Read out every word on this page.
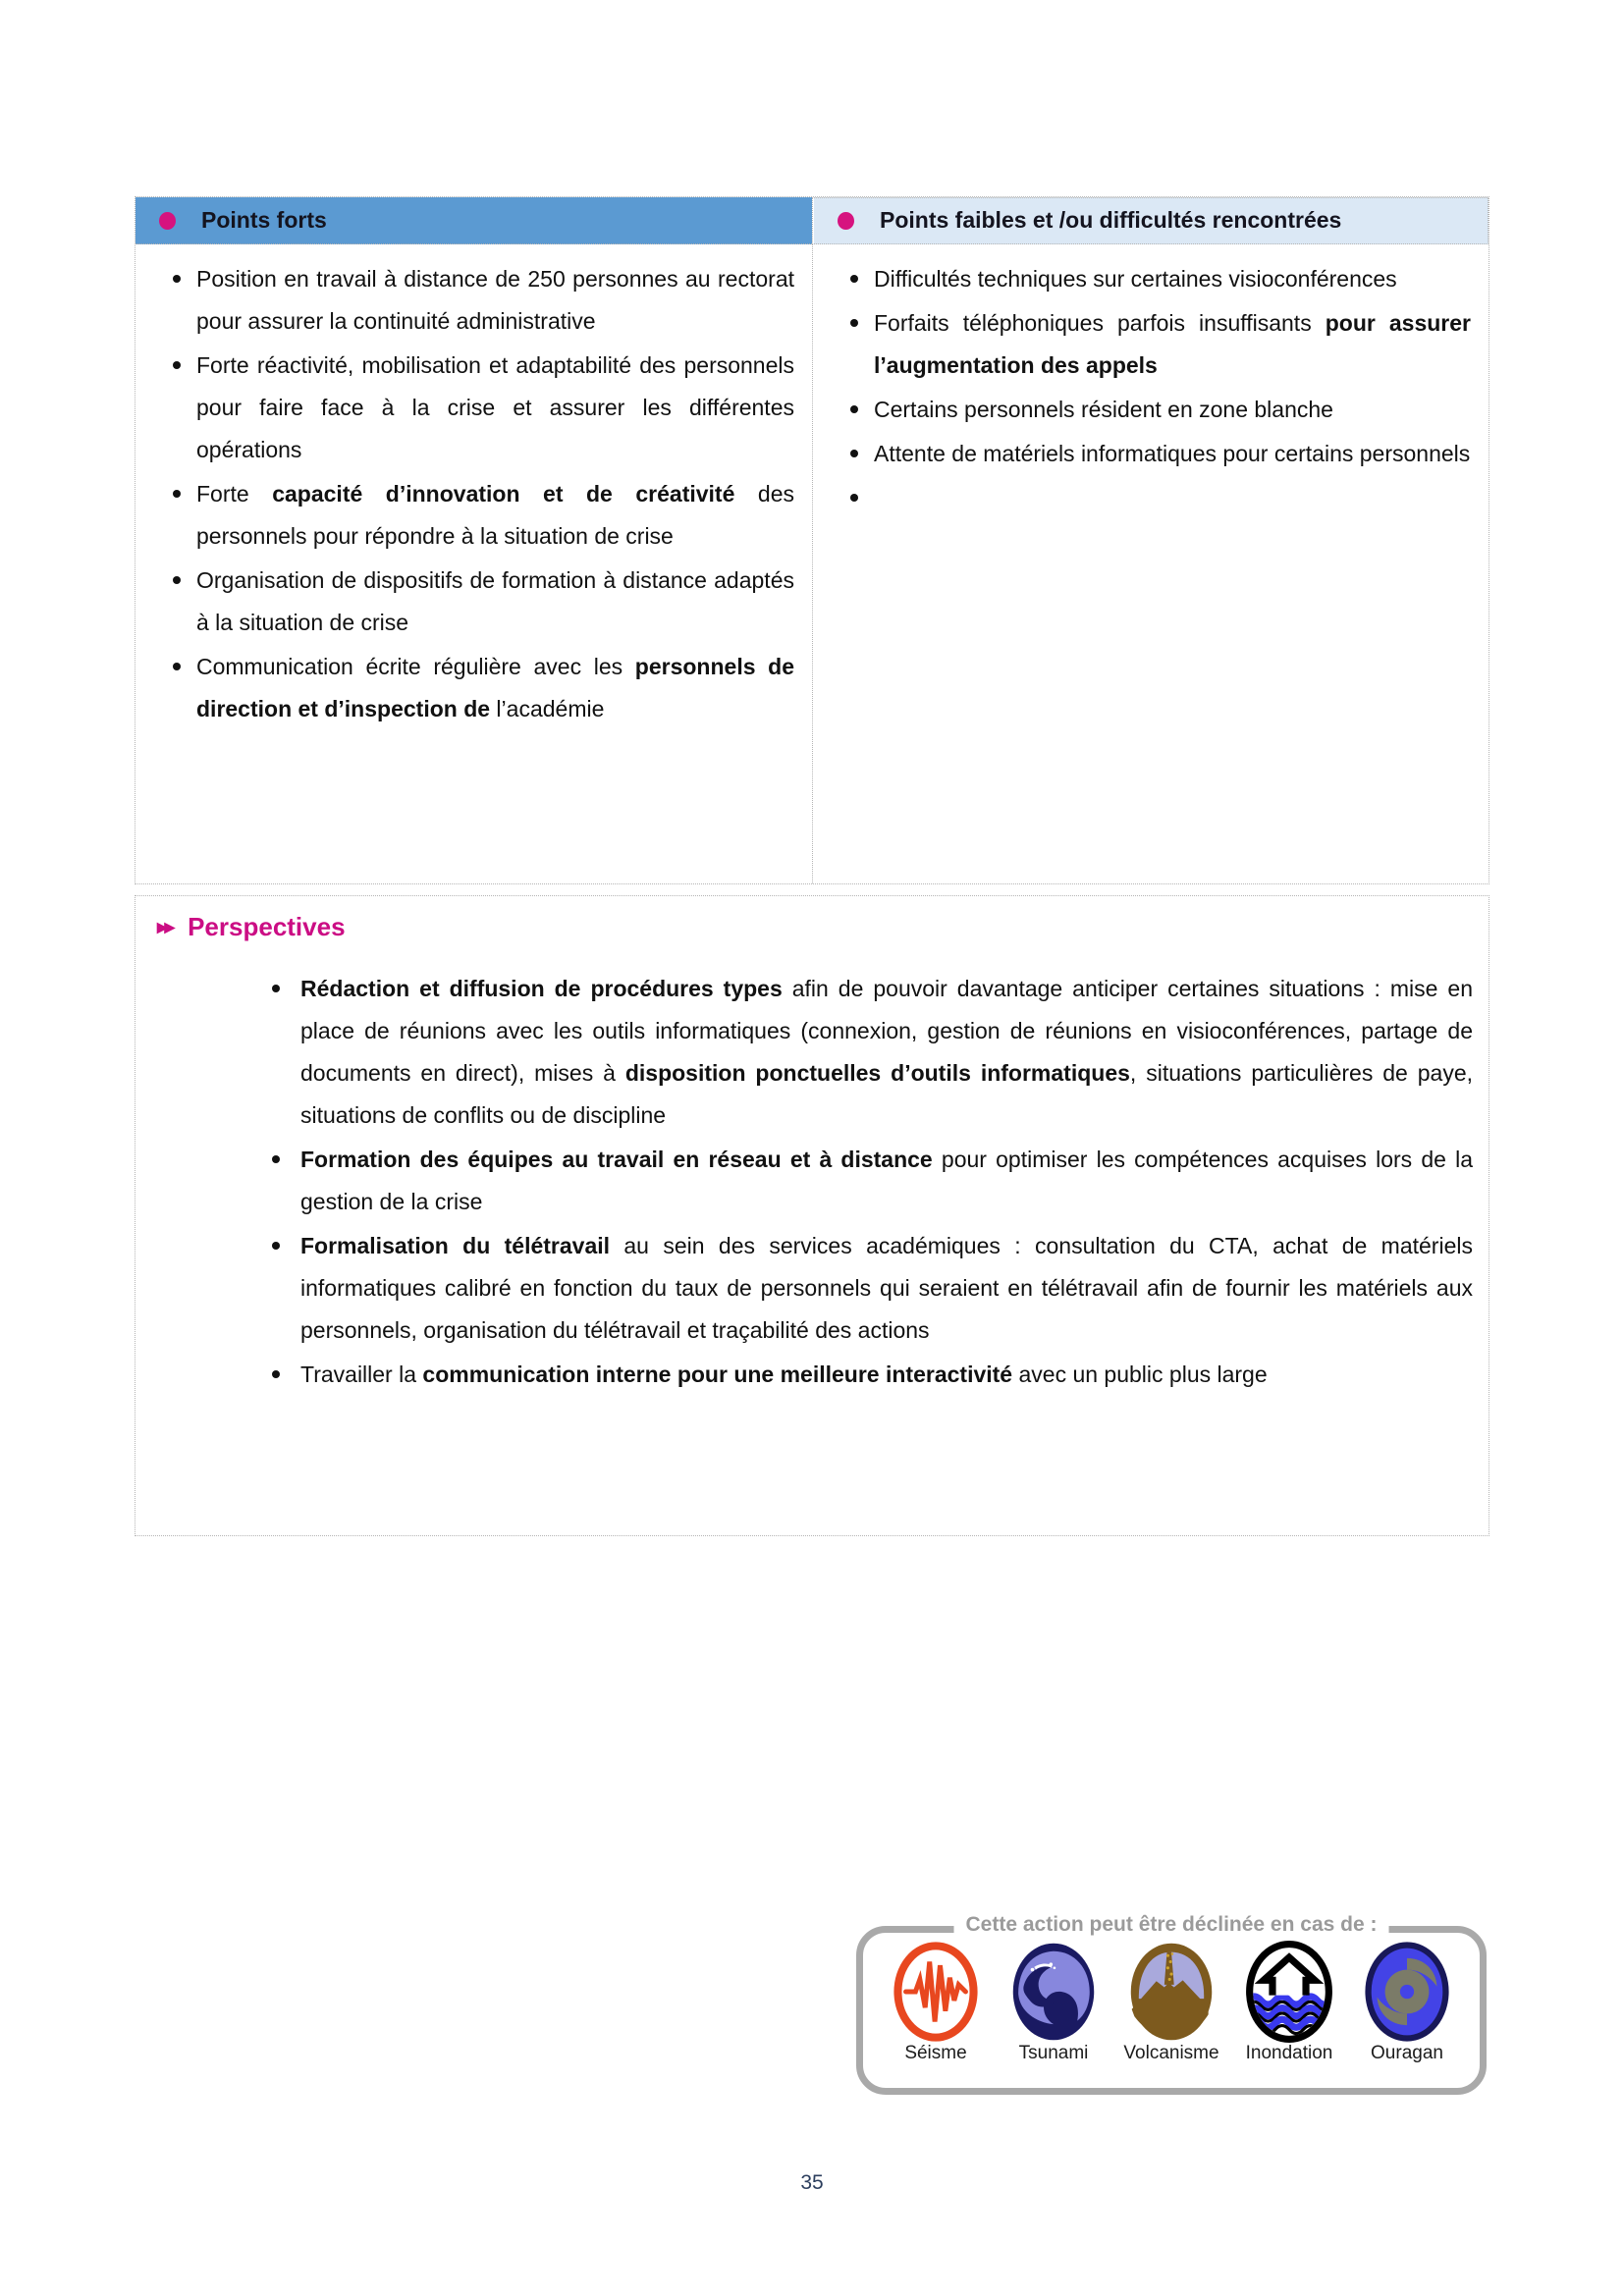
Points forts	Points faibles et /ou difficultés rencontrées
Position en travail à distance de 250 personnes au rectorat pour assurer la continuité administrative
Forte réactivité, mobilisation et adaptabilité des personnels pour faire face à la crise et assurer les différentes opérations
Forte capacité d’innovation et de créativité des personnels pour répondre à la situation de crise
Organisation de dispositifs de formation à distance adaptés à la situation de crise
Communication écrite régulière avec les personnels de direction et d’inspection de l’académie
Difficultés techniques sur certaines visioconférences
Forfaits téléphoniques parfois insuffisants pour assurer l’augmentation des appels
Certains personnels résident en zone blanche
Attente de matériels informatiques pour certains personnels
▸▸ Perspectives
Rédaction et diffusion de procédures types afin de pouvoir davantage anticiper certaines situations : mise en place de réunions avec les outils informatiques (connexion, gestion de réunions en visioconférences, partage de documents en direct), mises à disposition ponctuelles d’outils informatiques, situations particulières de paye, situations de conflits ou de discipline
Formation des équipes au travail en réseau et à distance pour optimiser les compétences acquises lors de la gestion de la crise
Formalisation du télétravail au sein des services académiques : consultation du CTA, achat de matériels informatiques calibré en fonction du taux de personnels qui seraient en télétravail afin de fournir les matériels aux personnels, organisation du télétravail et traçabilité des actions
Travailler la communication interne pour une meilleure interactivité avec un public plus large
Cette action peut être déclinée en cas de :
Séisme	Tsunami Volcanisme Inondation Ouragan
35
